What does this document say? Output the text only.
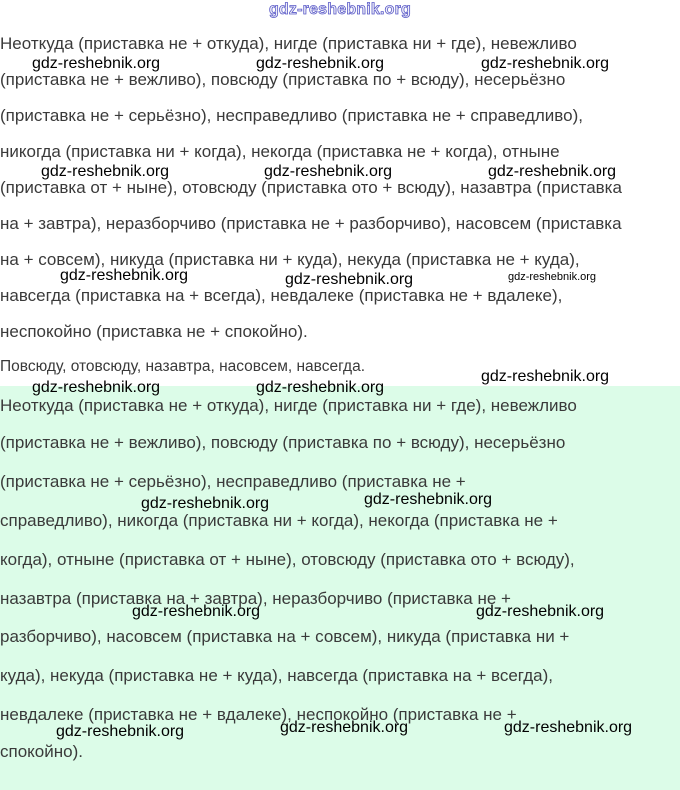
gdz-reshebnik.org
Неоткуда (приставка не + откуда), нигде (приставка ни + где), невежливо
(приставка не + вежливо), повсюду (приставка по + всюду), несерьёзно
(приставка не + серьёзно), несправедливо (приставка не + справедливо),
никогда (приставка ни + когда), некогда (приставка не + когда), отныне
(приставка от + ныне), отовсюду (приставка ото + всюду), назавтра (приставка
на + завтра), неразборчиво (приставка не + разборчиво), насовсем (приставка
на + совсем), никуда (приставка ни + куда), некуда (приставка не + куда),
навсегда (приставка на + всегда), невдалеке (приставка не + вдалеке),
неспокойно (приставка не + спокойно).
Повсюду, отовсюду, назавтра, насовсем, навсегда.
Неоткуда (приставка не + откуда), нигде (приставка ни + где), невежливо
(приставка не + вежливо), повсюду (приставка по + всюду), несерьёзно
(приставка не + серьёзно), несправедливо (приставка не +
справедливо), никогда (приставка ни + когда), некогда (приставка не +
когда), отныне (приставка от + ныне), отовсюду (приставка ото + всюду),
назавтра (приставка на + завтра), неразборчиво (приставка не +
разборчиво), насовсем (приставка на + совсем), никуда (приставка ни +
куда), некуда (приставка не + куда), навсегда (приставка на + всегда),
невдалеке (приставка не + вдалеке), неспокойно (приставка не +
спокойно).
gdz-reshebnik.org	gdz-reshebnik.org	gdz-reshebnik.org
gdz-reshebnik.org	gdz-reshebnik.org	gdz-reshebnik.org
gdz-reshebnik.org	gdz-reshebnik.org	gdz-reshebnik.org
gdz-reshebnik.org
gdz-reshebnik.org	gdz-reshebnik.org
gdz-reshebnik.org
gdz-reshebnik.org
gdz-reshebnik.org	gdz-reshebnik.org
gdz-reshebnik.org	gdz-reshebnik.org
gdz-reshebnik.org
